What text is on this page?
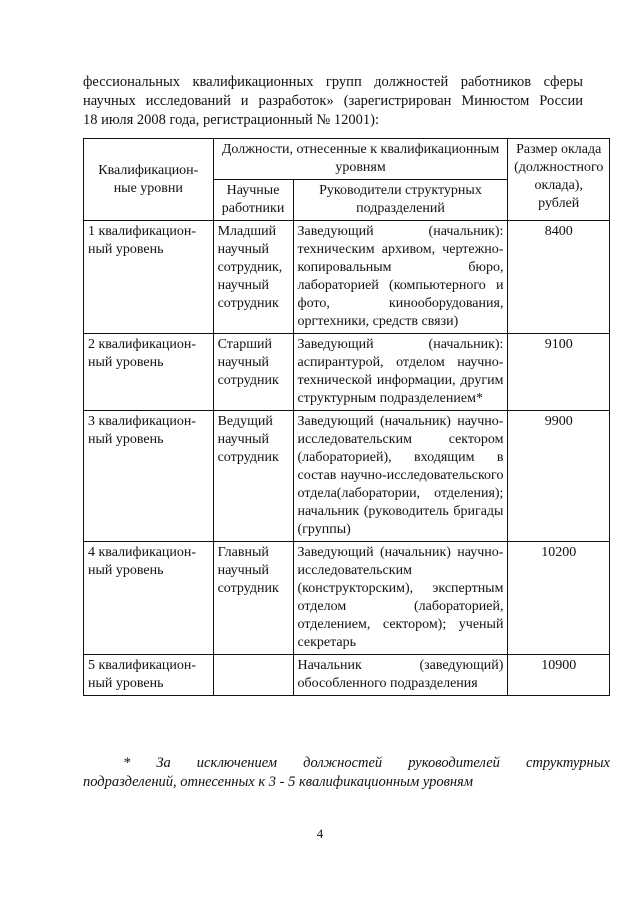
фессиональных квалификационных групп должностей работников сферы
научных исследований и разработок» (зарегистрирован Минюстом России
18 июля 2008 года, регистрационный № 12001):
Квалификацион-ные уровни	Должности, отнесенные к квалификационным уровням		Размер оклада (должностного оклада), рублей
	Научные работники	Руководители структурных подразделений	
1 квалификацион-ный уровень	Младший научный сотрудник, научный сотрудник	Заведующий (начальник): техническим архивом, чертежно-копировальным бюро, лабораторией (компьютерного и фото, кинооборудования, оргтехники, средств связи)	8400
2 квалификацион-ный уровень	Старший научный сотрудник	Заведующий (начальник): аспирантурой, отделом научно-технической информации, другим структурным подразделением*	9100
3 квалификацион-ный уровень	Ведущий научный сотрудник	Заведующий (начальник) научно-исследовательским сектором (лабораторией), входящим в состав научно-исследовательского отдела(лаборатории, отделения); начальник (руководитель бригады (группы)	9900
4 квалификацион-ный уровень	Главный научный сотрудник	Заведующий (начальник) научно-исследовательским (конструкторским), экспертным отделом (лабораторией, отделением, сектором); ученый секретарь	10200
5 квалификацион-ный уровень		Начальник (заведующий) обособленного подразделения	10900
* За исключением должностей руководителей структурных
подразделений, отнесенных к 3 - 5 квалификационным уровням
4
